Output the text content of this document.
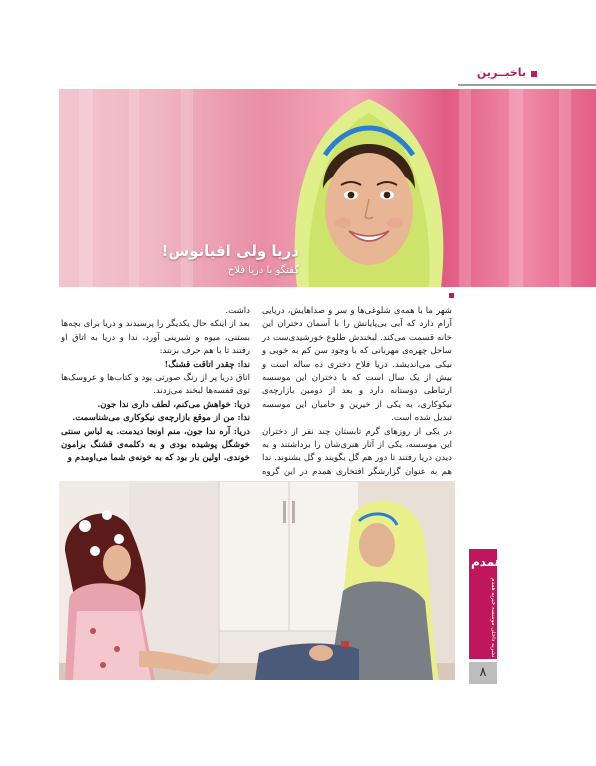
باخبــرین
دریا ولی اقیانوس!
گفتگو با دریا فلاح

شهر ما با همه‌ی شلوغی‌ها و سر و صداهایش، دریایی آرام دارد که آبی بی‌پایانش را با آسمان دختران این خانه قسمت می‌کند. لبخندش طلوع خورشیدی‌ست در ساحل چهره‌ی مهربانی که با وجود سن کم به خوبی و نیکی می‌اندیشد. دریا فلاح دختری ده ساله است و بیش از یک سال است که با دختران این موسسه ارتباطی دوستانه دارد و بعد از دومین بازارچه‌ی نیکوکاری، به یکی از خیرین و حامیان این موسسه تبدیل شده است.

در یکی از روزهای گرم تابستان چند نفر از دختران این موسسه، یکی از آثار هنری‌شان را برداشتند و به دیدن دریا رفتند تا دور هم گل بگویند و گل بشنوند. ندا هم به عنوان گزارشگر افتخاری همدم در این گروه

داشت.

بعد از اینکه حال یکدیگر را پرسیدند و دریا برای بچه‌ها بستنی، میوه و شیرینی آورد، ندا و دریا به اتاق او رفتند تا با هم حرف بزنند:

ندا: چقدر اتاقت قشنگ!

اتاق دریا پر از رنگ صورتی بود و کتاب‌ها و عروسک‌ها توی قفسه‌ها لبخند می‌زدند.

دریا: خواهش می‌کنم، لطف داری ندا جون.

ندا: من از موقع بازارچه‌ی نیکوکاری می‌شناسمت.

دریا: آره ندا جون، منم اونجا دیدمت. یه لباس سنتی خوشگل پوشیده بودی و به دکلمه‌ی قشنگ برامون خوندی. اولین بار بود که به خونه‌ی شما می‌اومدم و

همدم
نشریه داخلی موسسه خیریه همدم
۸
